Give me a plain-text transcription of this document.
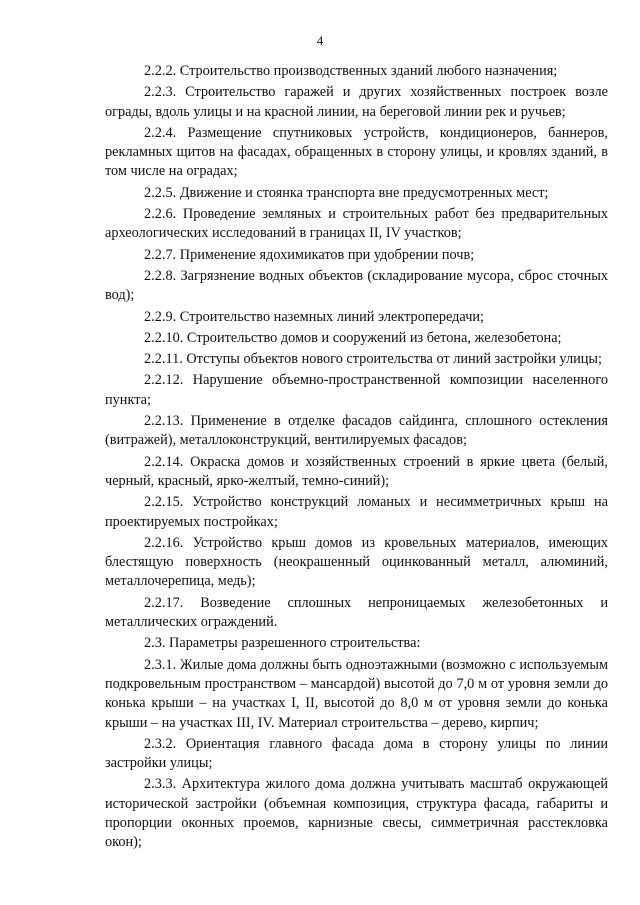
4

2.2.2. Строительство производственных зданий любого назначения;

2.2.3. Строительство гаражей и других хозяйственных построек возле ограды, вдоль улицы и на красной линии, на береговой линии рек и ручьев;

2.2.4. Размещение спутниковых устройств, кондиционеров, баннеров, рекламных щитов на фасадах, обращенных в сторону улицы, и кровлях зданий, в том числе на оградах;

2.2.5. Движение и стоянка транспорта вне предусмотренных мест;

2.2.6. Проведение земляных и строительных работ без предварительных археологических исследований в границах II, IV участков;

2.2.7. Применение ядохимикатов при удобрении почв;

2.2.8. Загрязнение водных объектов (складирование мусора, сброс сточных вод);

2.2.9. Строительство наземных линий электропередачи;

2.2.10. Строительство домов и сооружений из бетона, железобетона;

2.2.11. Отступы объектов нового строительства от линий застройки улицы;

2.2.12. Нарушение объемно-пространственной композиции населенного пункта;

2.2.13. Применение в отделке фасадов сайдинга, сплошного остекления (витражей), металлоконструкций, вентилируемых фасадов;

2.2.14. Окраска домов и хозяйственных строений в яркие цвета (белый, черный, красный, ярко-желтый, темно-синий);

2.2.15. Устройство конструкций ломаных и несимметричных крыш на проектируемых постройках;

2.2.16. Устройство крыш домов из кровельных материалов, имеющих блестящую поверхность (неокрашенный оцинкованный металл, алюминий, металлочерепица, медь);

2.2.17. Возведение сплошных непроницаемых железобетонных и металлических ограждений.

2.3. Параметры разрешенного строительства:

2.3.1. Жилые дома должны быть одноэтажными (возможно с используемым подкровельным пространством – мансардой) высотой до 7,0 м от уровня земли до конька крыши – на участках I, II, высотой до 8,0 м от уровня земли до конька крыши – на участках III, IV. Материал строительства – дерево, кирпич;

2.3.2. Ориентация главного фасада дома в сторону улицы по линии застройки улицы;

2.3.3. Архитектура жилого дома должна учитывать масштаб окружающей исторической застройки (объемная композиция, структура фасада, габариты и пропорции оконных проемов, карнизные свесы, симметричная расстекловка окон);
